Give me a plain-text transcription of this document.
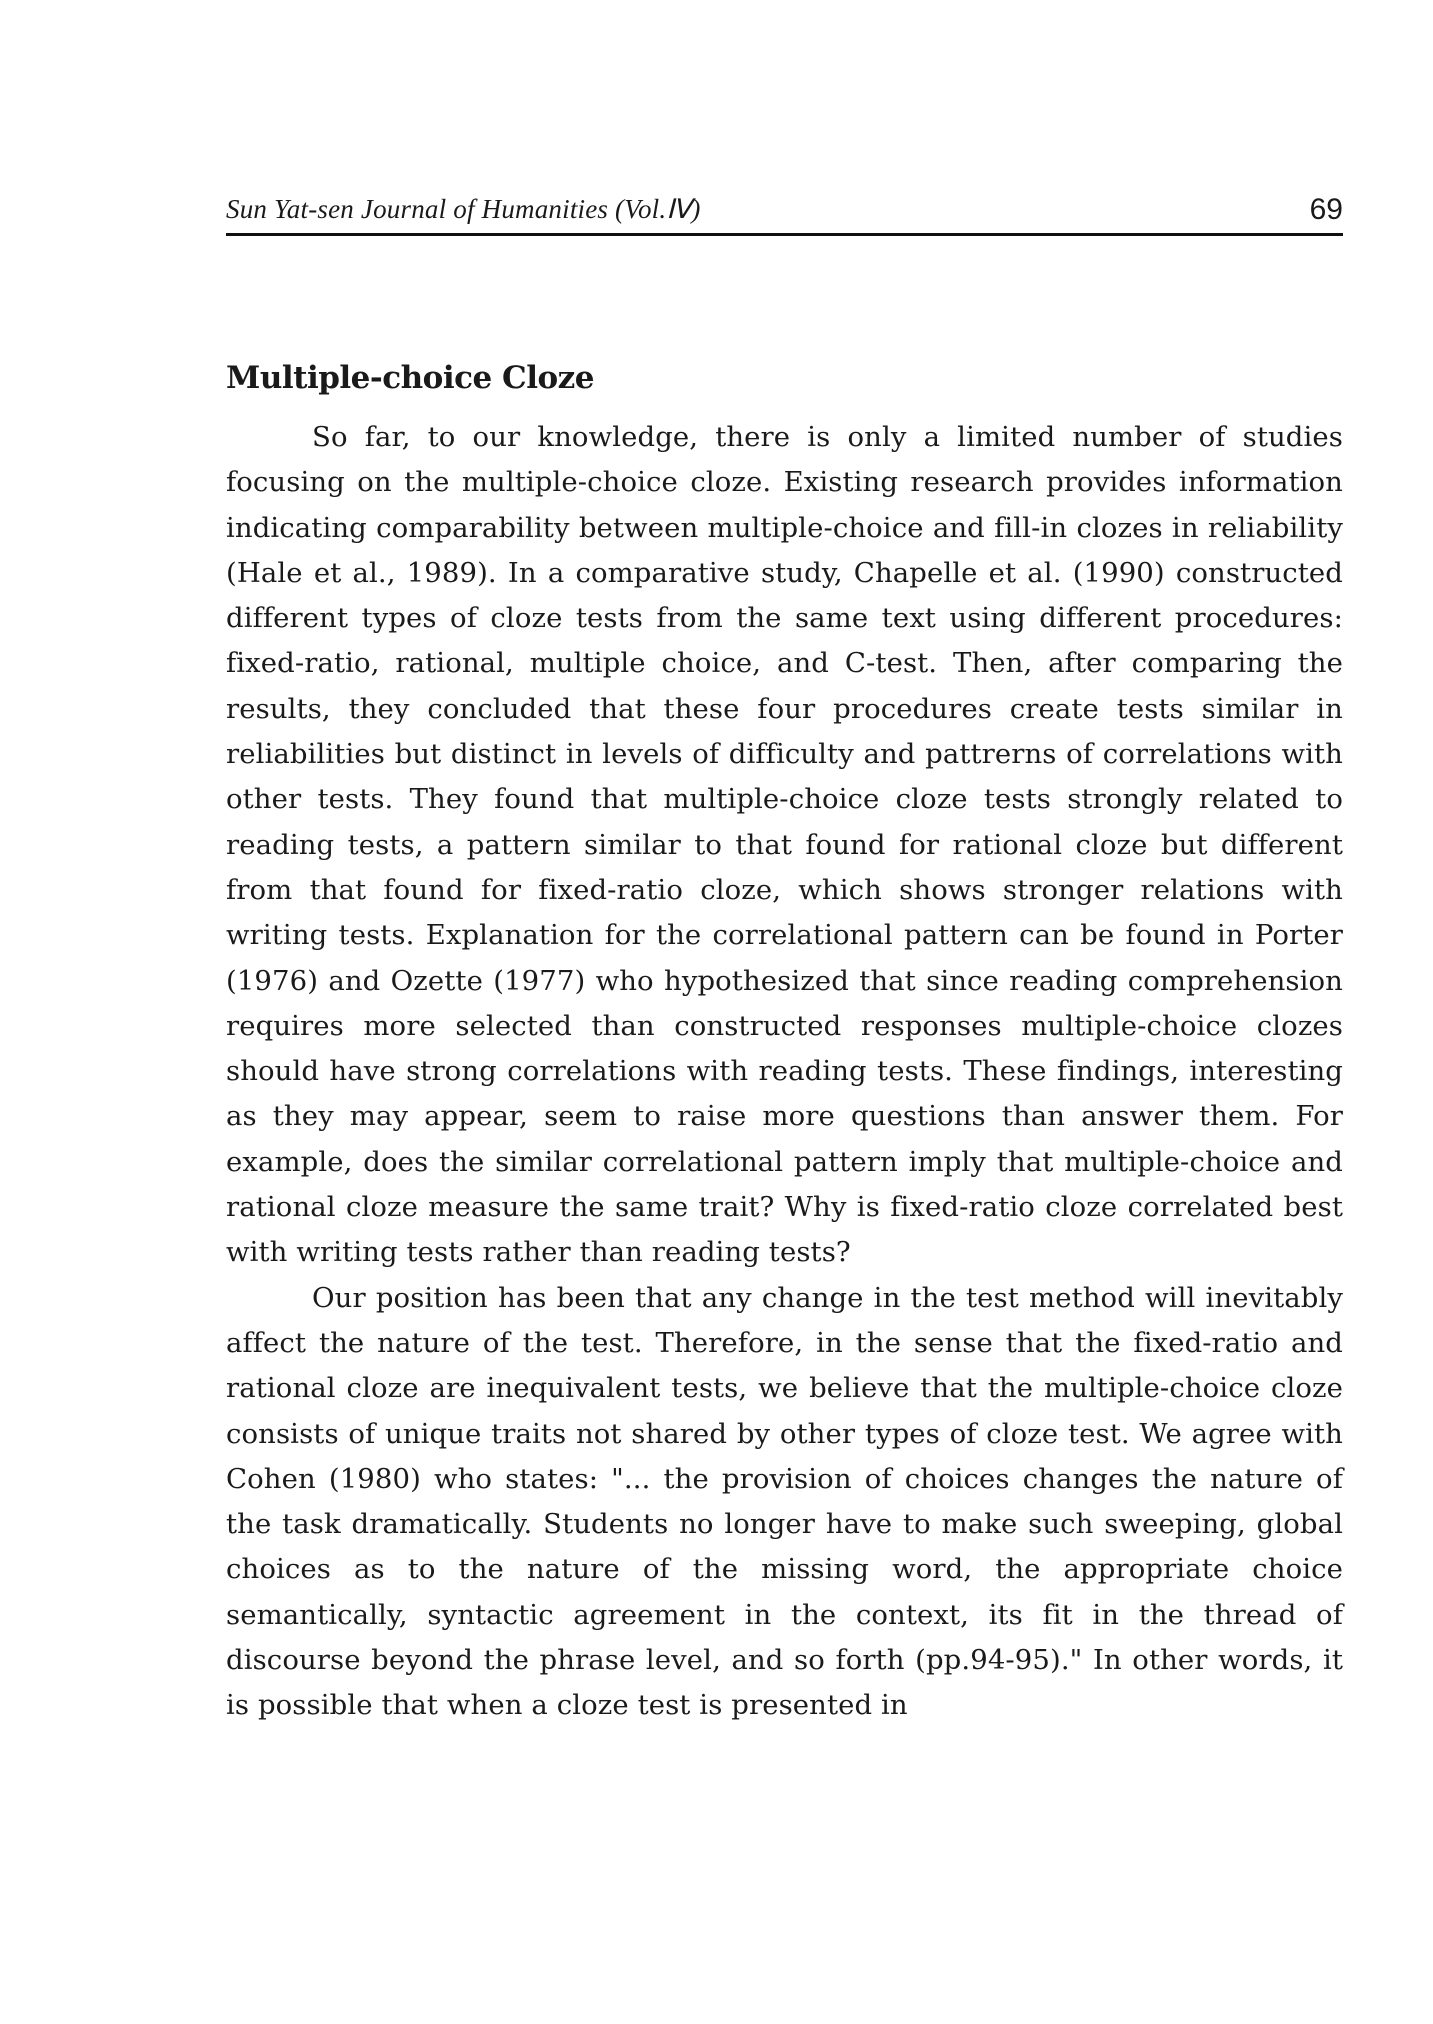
Sun Yat-sen Journal of Humanities (Vol.Ⅳ)	69
Multiple-choice Cloze

So far, to our knowledge, there is only a limited number of studies focusing on the multiple-choice cloze. Existing research provides information indicating comparability between multiple-choice and fill-in clozes in reliability (Hale et al., 1989). In a comparative study, Chapelle et al. (1990) constructed different types of cloze tests from the same text using different procedures: fixed-ratio, rational, multiple choice, and C-test. Then, after comparing the results, they concluded that these four procedures create tests similar in reliabilities but distinct in levels of difficulty and pattrerns of correlations with other tests. They found that multiple-choice cloze tests strongly related to reading tests, a pattern similar to that found for rational cloze but different from that found for fixed-ratio cloze, which shows stronger relations with writing tests. Explanation for the correlational pattern can be found in Porter (1976) and Ozette (1977) who hypothesized that since reading comprehension requires more selected than constructed responses multiple-choice clozes should have strong correlations with reading tests. These findings, interesting as they may appear, seem to raise more questions than answer them. For example, does the similar correlational pattern imply that multiple-choice and rational cloze measure the same trait? Why is fixed-ratio cloze correlated best with writing tests rather than reading tests?

Our position has been that any change in the test method will inevitably affect the nature of the test. Therefore, in the sense that the fixed-ratio and rational cloze are inequivalent tests, we believe that the multiple-choice cloze consists of unique traits not shared by other types of cloze test. We agree with Cohen (1980) who states: "... the provision of choices changes the nature of the task dramatically. Students no longer have to make such sweeping, global choices as to the nature of the missing word, the appropriate choice semantically, syntactic agreement in the context, its fit in the thread of discourse beyond the phrase level, and so forth (pp.94-95)." In other words, it is possible that when a cloze test is presented in
